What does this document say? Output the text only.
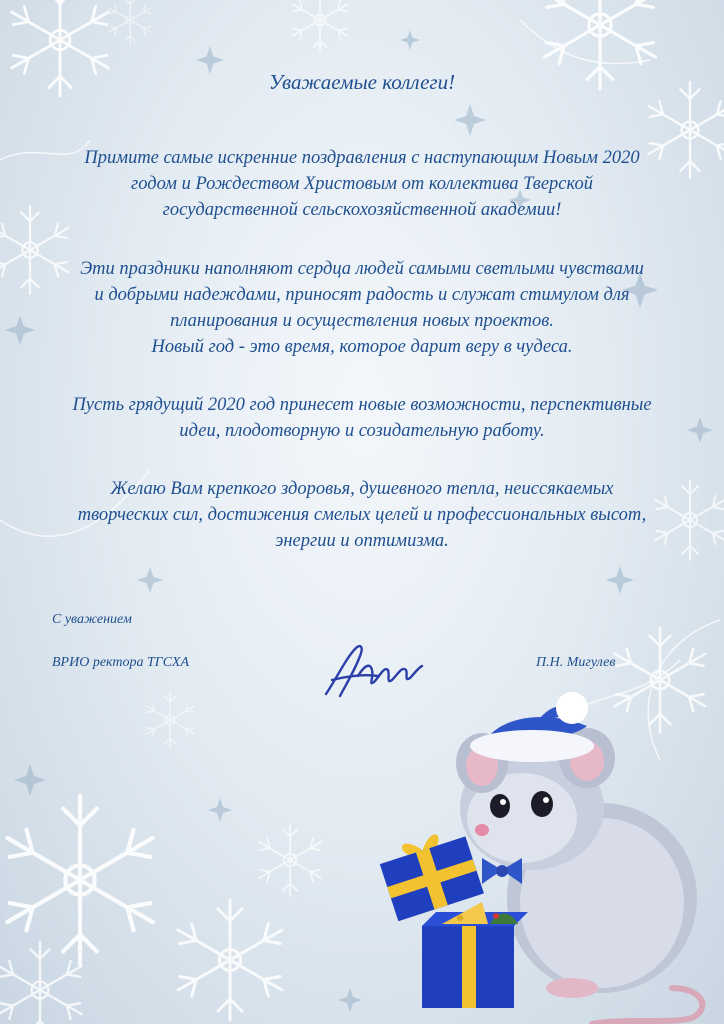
Уважаемые коллеги!

Примите самые искренние поздравления с наступающим Новым 2020
годом и Рождеством Христовым от коллектива Тверской
государственной сельскохозяйственной академии!

Эти праздники наполняют сердца людей самыми светлыми чувствами
и добрыми надеждами, приносят радость и служат стимулом для
планирования и осуществления новых проектов.
Новый год - это время, которое дарит веру в чудеса.

Пусть грядущий 2020 год принесет новые возможности, перспективные
идеи, плодотворную и созидательную работу.

Желаю Вам крепкого здоровья, душевного тепла, неиссякаемых
творческих сил, достижения смелых целей и профессиональных высот,
энергии и оптимизма.

С уважением
ВРИО ректора ТГСХА	П.Н. Мигулев
